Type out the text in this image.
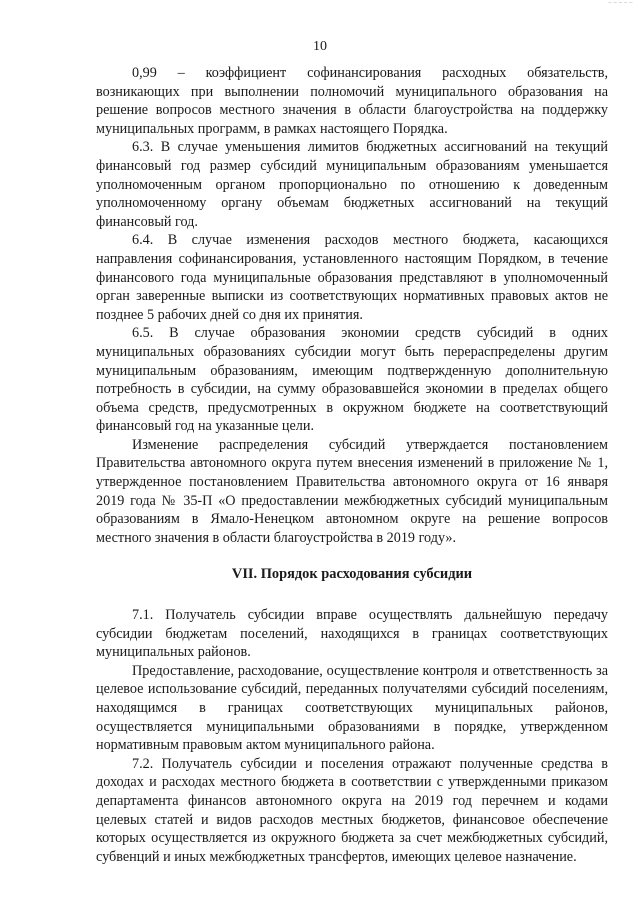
⁻⁻⁻⁻⁻
10

0,99 – коэффициент софинансирования расходных обязательств, возникающих при выполнении полномочий муниципального образования на решение вопросов местного значения в области благоустройства на поддержку муниципальных программ, в рамках настоящего Порядка.

6.3. В случае уменьшения лимитов бюджетных ассигнований на текущий финансовый год размер субсидий муниципальным образованиям уменьшается уполномоченным органом пропорционально по отношению к доведенным уполномоченному органу объемам бюджетных ассигнований на текущий финансовый год.

6.4. В случае изменения расходов местного бюджета, касающихся направления софинансирования, установленного настоящим Порядком, в течение финансового года муниципальные образования представляют в уполномоченный орган заверенные выписки из соответствующих нормативных правовых актов не позднее 5 рабочих дней со дня их принятия.

6.5. В случае образования экономии средств субсидий в одних муниципальных образованиях субсидии могут быть перераспределены другим муниципальным образованиям, имеющим подтвержденную дополнительную потребность в субсидии, на сумму образовавшейся экономии в пределах общего объема средств, предусмотренных в окружном бюджете на соответствующий финансовый год на указанные цели.

Изменение распределения субсидий утверждается постановлением Правительства автономного округа путем внесения изменений в приложение № 1, утвержденное постановлением Правительства автономного округа от 16 января 2019 года № 35-П «О предоставлении межбюджетных субсидий муниципальным образованиям в Ямало-Ненецком автономном округе на решение вопросов местного значения в области благоустройства в 2019 году».

VII. Порядок расходования субсидии

7.1. Получатель субсидии вправе осуществлять дальнейшую передачу субсидии бюджетам поселений, находящихся в границах соответствующих муниципальных районов.

Предоставление, расходование, осуществление контроля и ответственность за целевое использование субсидий, переданных получателями субсидий поселениям, находящимся в границах соответствующих муниципальных районов, осуществляется муниципальными образованиями в порядке, утвержденном нормативным правовым актом муниципального района.

7.2. Получатель субсидии и поселения отражают полученные средства в доходах и расходах местного бюджета в соответствии с утвержденными приказом департамента финансов автономного округа на 2019 год перечнем и кодами целевых статей и видов расходов местных бюджетов, финансовое обеспечение которых осуществляется из окружного бюджета за счет межбюджетных субсидий, субвенций и иных межбюджетных трансфертов, имеющих целевое назначение.
